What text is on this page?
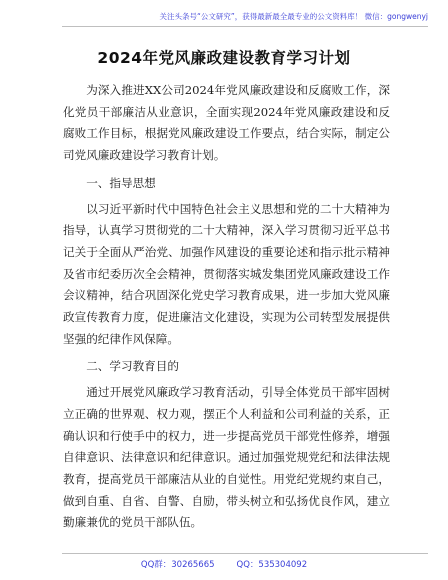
关注头条号“公文研究”，获得最新最全最专业的公文资料库！ 微信：gongwenyj
2024年党风廉政建设教育学习计划

为深入推进XX公司2024年党风廉政建设和反腐败工作，深化党员干部廉洁从业意识，全面实现2024年党风廉政建设和反腐败工作目标，根据党风廉政建设工作要点，结合实际，制定公司党风廉政建设学习教育计划。

一、指导思想

以习近平新时代中国特色社会主义思想和党的二十大精神为指导，认真学习贯彻党的二十大精神，深入学习贯彻习近平总书记关于全面从严治党、加强作风建设的重要论述和指示批示精神及省市纪委历次全会精神，贯彻落实城发集团党风廉政建设工作会议精神，结合巩固深化党史学习教育成果，进一步加大党风廉政宣传教育力度，促进廉洁文化建设，实现为公司转型发展提供坚强的纪律作风保障。

二、学习教育目的

通过开展党风廉政学习教育活动，引导全体党员干部牢固树立正确的世界观、权力观，摆正个人利益和公司利益的关系，正确认识和行使手中的权力，进一步提高党员干部党性修养，增强自律意识、法律意识和纪律意识。通过加强党规党纪和法律法规教育，提高党员干部廉洁从业的自觉性。用党纪党规约束自己，做到自重、自省、自警、自励，带头树立和弘扬优良作风，建立勤廉兼优的党员干部队伍。

QQ群：30265665	QQ：535304092
